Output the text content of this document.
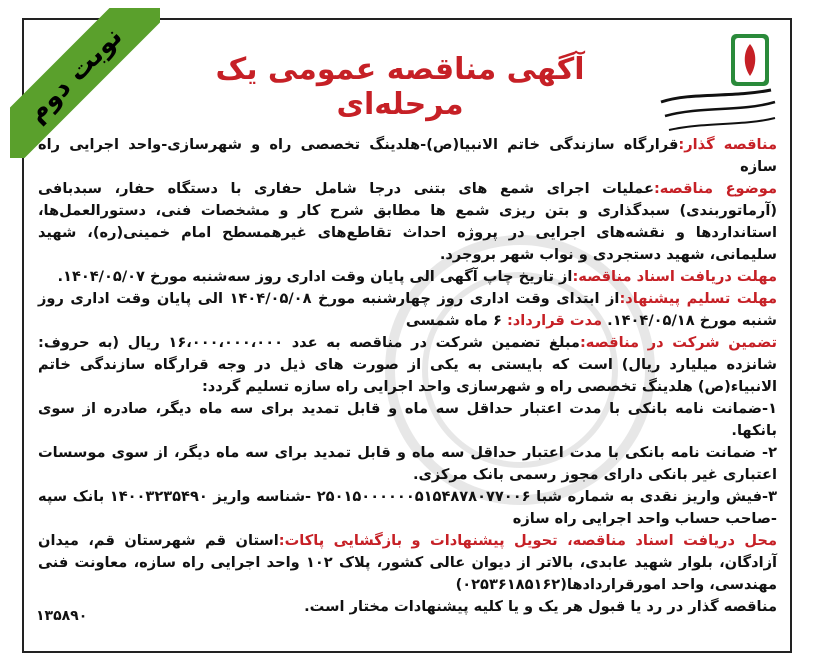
نوبت دوم	آگهی مناقصه عمومی یک مرحله‌ای

مناقصه گذار:قرارگاه سازندگی خاتم الانبیا(ص)-هلدینگ تخصصی راه و شهرسازی-واحد اجرایی راه سازه

موضوع مناقصه:عملیات اجرای شمع های بتنی درجا شامل حفاری با دستگاه حفار، سبدبافی (آرماتوربندی) سبدگذاری و بتن ریزی شمع ها مطابق شرح کار و مشخصات فنی، دستورالعمل‌ها، استانداردها و نقشه‌های اجرایی در پروژه احداث تقاطع‌های غیرهمسطح امام خمینی(ره)، شهید سلیمانی، شهید دستجردی و نواب شهر بروجرد.

مهلت دریافت اسناد مناقصه:از تاریخ چاپ آگهی الی پایان وقت اداری روز سه‌شنبه مورخ ۱۴۰۴/۰۵/۰۷.

مهلت تسلیم پیشنهاد:از ابتدای وقت اداری روز چهارشنبه مورخ ۱۴۰۴/۰۵/۰۸ الی پایان وقت اداری روز شنبه مورخ ۱۴۰۴/۰۵/۱۸. مدت قرارداد: ۶ ماه شمسی

تضمین شرکت در مناقصه:مبلغ تضمین شرکت در مناقصه به عدد ۱۶،۰۰۰،۰۰۰،۰۰۰ ریال (به حروف: شانزده میلیارد ریال) است که بایستی به یکی از صورت های ذیل در وجه قرارگاه سازندگی خاتم الانبیاء(ص) هلدینگ تخصصی راه و شهرسازی واحد اجرایی راه سازه تسلیم گردد:

۱-ضمانت نامه بانکی با مدت اعتبار حداقل سه ماه و قابل تمدید برای سه ماه دیگر، صادره از سوی بانکها.

۲- ضمانت نامه بانکی با مدت اعتبار حداقل سه ماه و قابل تمدید برای سه ماه دیگر، از سوی موسسات اعتباری غیر بانکی دارای مجوز رسمی بانک مرکزی.

۳-فیش واریز نقدی به شماره شبا ۲۵۰۱۵۰۰۰۰۰۰۵۱۵۴۸۷۸۰۷۷۰۰۶ -شناسه واریز ۱۴۰۰۳۲۳۵۴۹۰ بانک سپه -صاحب حساب واحد اجرایی راه سازه

محل دریافت اسناد مناقصه، تحویل پیشنهادات و بازگشایی پاکات:استان قم شهرستان قم، میدان آزادگان، بلوار شهید عابدی، بالاتر از دیوان عالی کشور، پلاک ۱۰۲ واحد اجرایی راه سازه، معاونت فنی مهندسی، واحد امورقراردادها(۰۲۵۳۶۱۸۵۱۶۲)

مناقصه گذار در رد یا قبول هر یک و یا کلیه پیشنهادات مختار است.

۱۳۵۸۹۰
